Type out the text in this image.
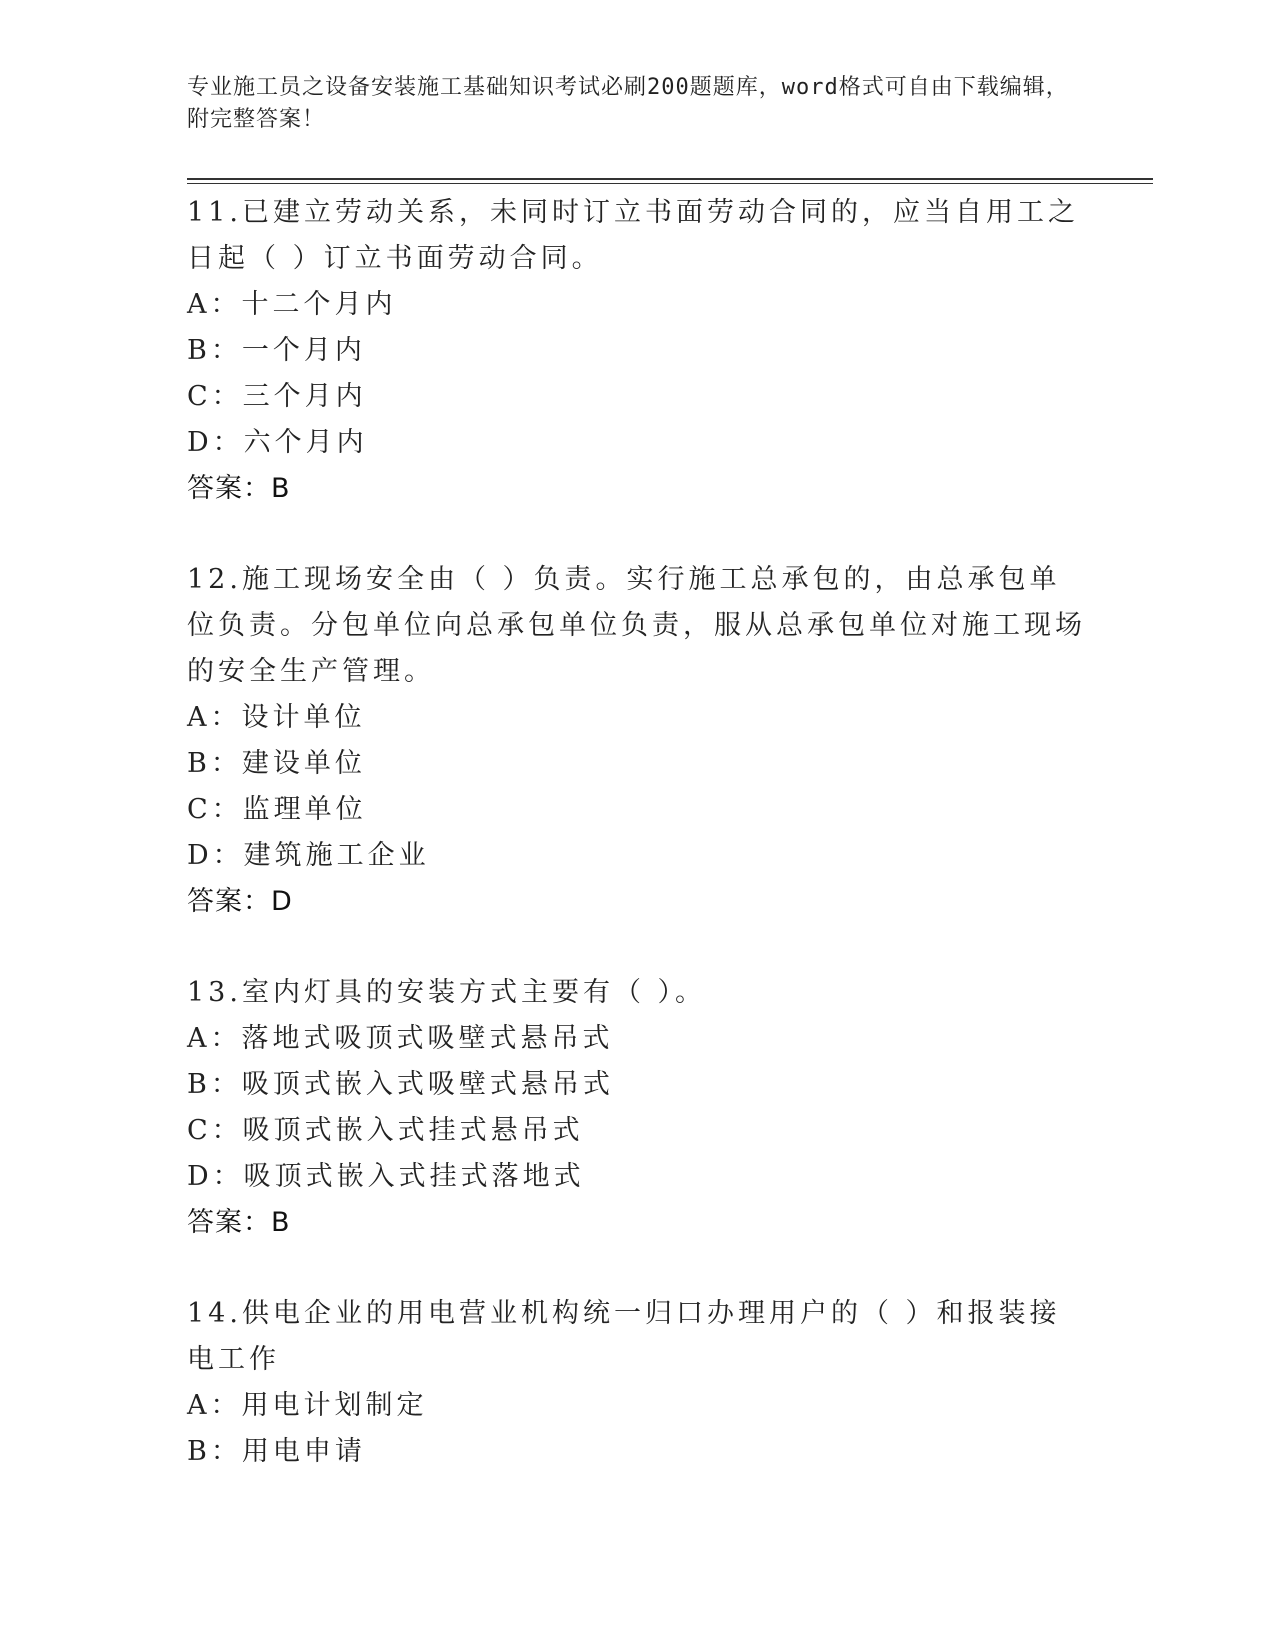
专业施工员之设备安装施工基础知识考试必刷200题题库，word格式可自由下载编辑，附完整答案！
11.已建立劳动关系，未同时订立书面劳动合同的，应当自用工之日起（ ）订立书面劳动合同。
A：十二个月内
B：一个月内
C：三个月内
D：六个月内
答案：B
12.施工现场安全由（ ）负责。实行施工总承包的，由总承包单位负责。分包单位向总承包单位负责，服从总承包单位对施工现场的安全生产管理。
A：设计单位
B：建设单位
C：监理单位
D：建筑施工企业
答案：D
13.室内灯具的安装方式主要有（ ）。
A：落地式吸顶式吸壁式悬吊式
B：吸顶式嵌入式吸壁式悬吊式
C：吸顶式嵌入式挂式悬吊式
D：吸顶式嵌入式挂式落地式
答案：B
14.供电企业的用电营业机构统一归口办理用户的（ ）和报装接电工作
A：用电计划制定
B：用电申请
